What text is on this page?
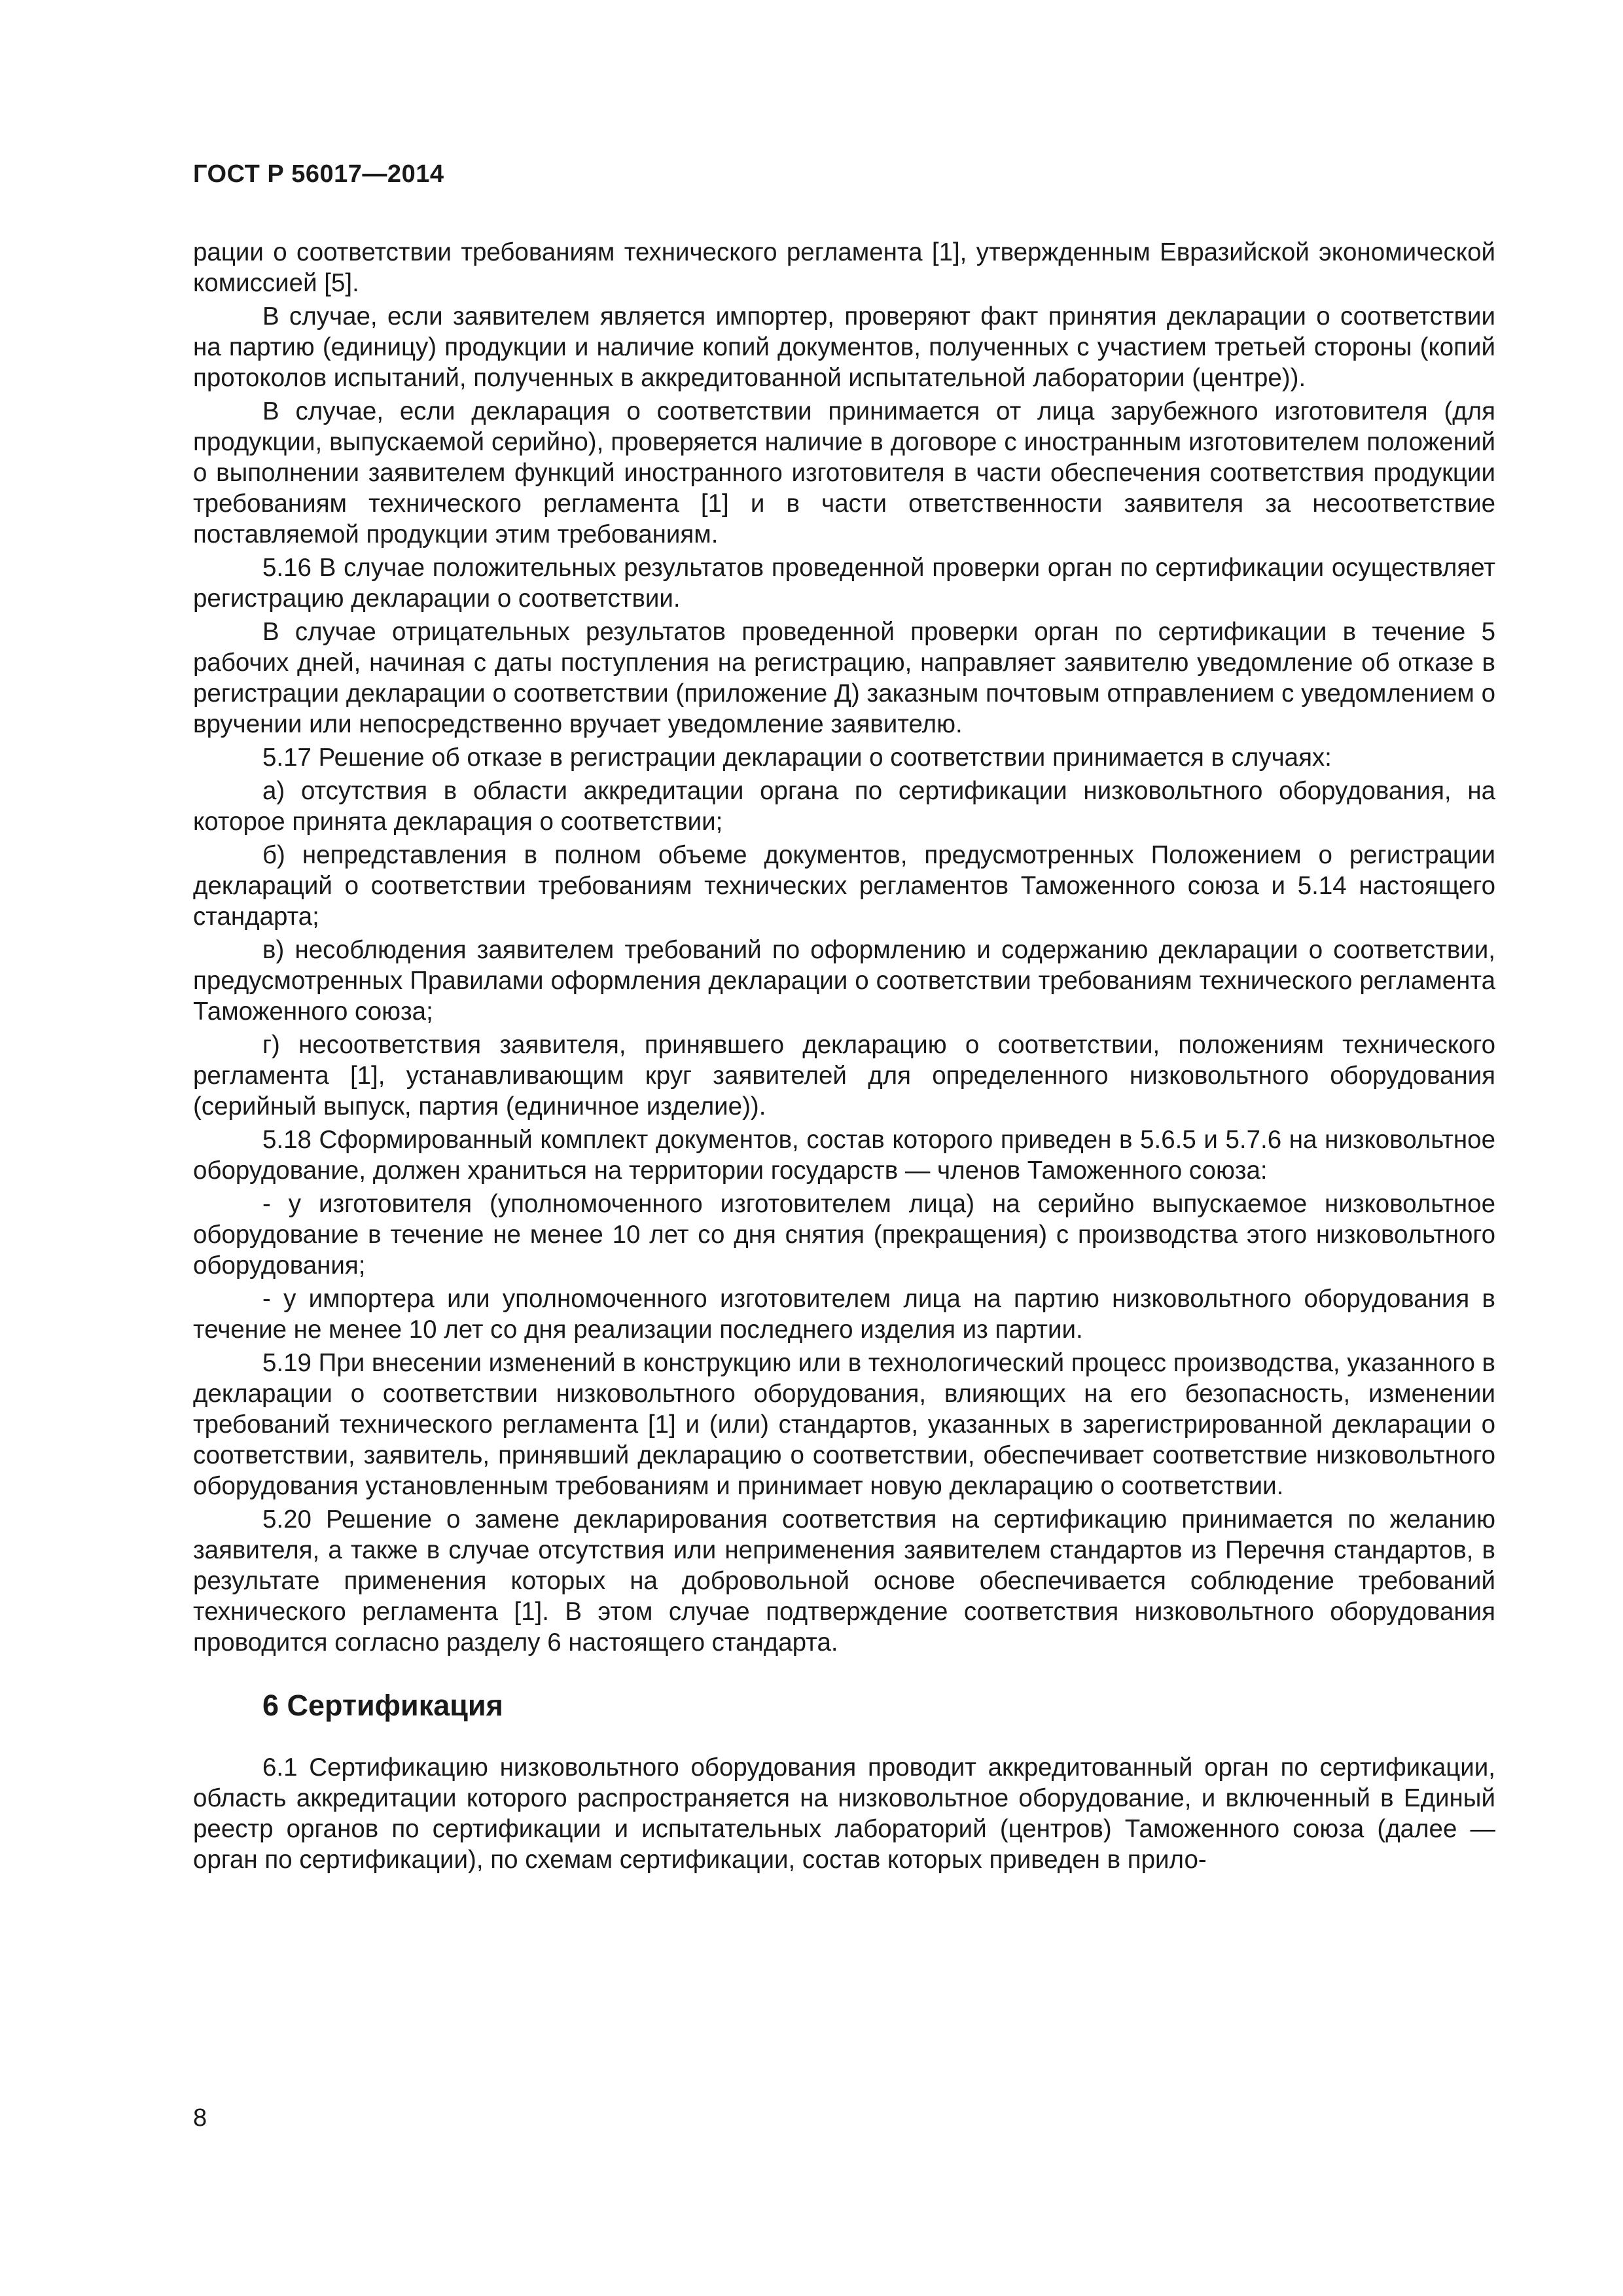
ГОСТ Р 56017—2014

рации о соответствии требованиям технического регламента [1], утвержденным Евразийской экономической комиссией [5].

В случае, если заявителем является импортер, проверяют факт принятия декларации о соответствии на партию (единицу) продукции и наличие копий документов, полученных с участием третьей стороны (копий протоколов испытаний, полученных в аккредитованной испытательной лаборатории (центре)).

В случае, если декларация о соответствии принимается от лица зарубежного изготовителя (для продукции, выпускаемой серийно), проверяется наличие в договоре с иностранным изготовителем положений о выполнении заявителем функций иностранного изготовителя в части обеспечения соответствия продукции требованиям технического регламента [1] и в части ответственности заявителя за несоответствие поставляемой продукции этим требованиям.

5.16 В случае положительных результатов проведенной проверки орган по сертификации осуществляет регистрацию декларации о соответствии.

В случае отрицательных результатов проведенной проверки орган по сертификации в течение 5 рабочих дней, начиная с даты поступления на регистрацию, направляет заявителю уведомление об отказе в регистрации декларации о соответствии (приложение Д) заказным почтовым отправлением с уведомлением о вручении или непосредственно вручает уведомление заявителю.

5.17 Решение об отказе в регистрации декларации о соответствии принимается в случаях:

а) отсутствия в области аккредитации органа по сертификации низковольтного оборудования, на которое принята декларация о соответствии;

б) непредставления в полном объеме документов, предусмотренных Положением о регистрации деклараций о соответствии требованиям технических регламентов Таможенного союза и 5.14 настоящего стандарта;

в) несоблюдения заявителем требований по оформлению и содержанию декларации о соответствии, предусмотренных Правилами оформления декларации о соответствии требованиям технического регламента Таможенного союза;

г) несоответствия заявителя, принявшего декларацию о соответствии, положениям технического регламента [1], устанавливающим круг заявителей для определенного низковольтного оборудования (серийный выпуск, партия (единичное изделие)).

5.18 Сформированный комплект документов, состав которого приведен в 5.6.5 и 5.7.6 на низковольтное оборудование, должен храниться на территории государств — членов Таможенного союза:

- у изготовителя (уполномоченного изготовителем лица) на серийно выпускаемое низковольтное оборудование в течение не менее 10 лет со дня снятия (прекращения) с производства этого низковольтного оборудования;

- у импортера или уполномоченного изготовителем лица на партию низковольтного оборудования в течение не менее 10 лет со дня реализации последнего изделия из партии.

5.19 При внесении изменений в конструкцию или в технологический процесс производства, указанного в декларации о соответствии низковольтного оборудования, влияющих на его безопасность, изменении требований технического регламента [1] и (или) стандартов, указанных в зарегистрированной декларации о соответствии, заявитель, принявший декларацию о соответствии, обеспечивает соответствие низковольтного оборудования установленным требованиям и принимает новую декларацию о соответствии.

5.20 Решение о замене декларирования соответствия на сертификацию принимается по желанию заявителя, а также в случае отсутствия или неприменения заявителем стандартов из Перечня стандартов, в результате применения которых на добровольной основе обеспечивается соблюдение требований технического регламента [1]. В этом случае подтверждение соответствия низковольтного оборудования проводится согласно разделу 6 настоящего стандарта.

6 Сертификация

6.1 Сертификацию низковольтного оборудования проводит аккредитованный орган по сертификации, область аккредитации которого распространяется на низковольтное оборудование, и включенный в Единый реестр органов по сертификации и испытательных лабораторий (центров) Таможенного союза (далее — орган по сертификации), по схемам сертификации, состав которых приведен в прило-

8
